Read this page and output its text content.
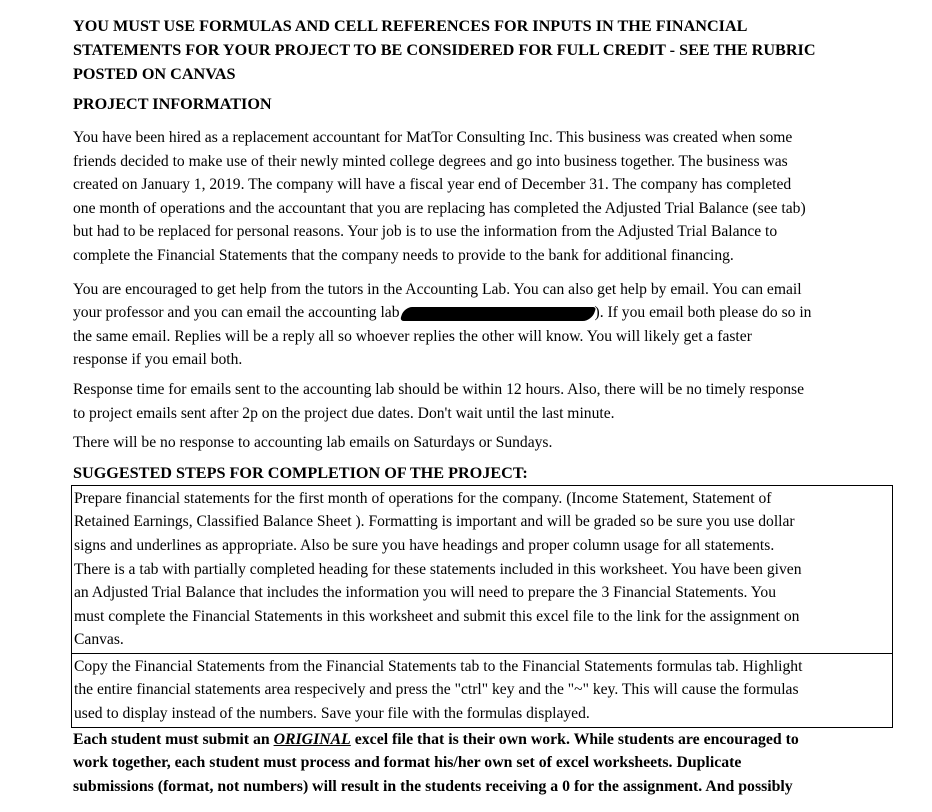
YOU MUST USE FORMULAS AND CELL REFERENCES FOR INPUTS IN THE FINANCIAL
STATEMENTS FOR YOUR PROJECT TO BE CONSIDERED FOR FULL CREDIT - SEE THE RUBRIC
POSTED ON CANVAS
PROJECT INFORMATION
You have been hired as a replacement accountant for MatTor Consulting Inc. This business was created when some
friends decided to make use of their newly minted college degrees and go into business together. The business was
created on January 1, 2019. The company will have a fiscal year end of December 31. The company has completed
one month of operations and the accountant that you are replacing has completed the Adjusted Trial Balance (see tab)
but had to be replaced for personal reasons. Your job is to use the information from the Adjusted Trial Balance to
complete the Financial Statements that the company needs to provide to the bank for additional financing.
You are encouraged to get help from the tutors in the Accounting Lab. You can also get help by email. You can email
your professor and you can email the accounting lab	). If you email both please do so in
the same email. Replies will be a reply all so whoever replies the other will know. You will likely get a faster
response if you email both.
Response time for emails sent to the accounting lab should be within 12 hours. Also, there will be no timely response
to project emails sent after 2p on the project due dates. Don't wait until the last minute.
There will be no response to accounting lab emails on Saturdays or Sundays.
SUGGESTED STEPS FOR COMPLETION OF THE PROJECT:
Prepare financial statements for the first month of operations for the company. (Income Statement, Statement of
Retained Earnings, Classified Balance Sheet ). Formatting is important and will be graded so be sure you use dollar
signs and underlines as appropriate. Also be sure you have headings and proper column usage for all statements.
There is a tab with partially completed heading for these statements included in this worksheet. You have been given
an Adjusted Trial Balance that includes the information you will need to prepare the 3 Financial Statements. You
must complete the Financial Statements in this worksheet and submit this excel file to the link for the assignment on
Canvas.
Copy the Financial Statements from the Financial Statements tab to the Financial Statements formulas tab. Highlight
the entire financial statements area respecively and press the "ctrl" key and the "~" key. This will cause the formulas
used to display instead of the numbers. Save your file with the formulas displayed.
Each student must submit an ORIGINAL excel file that is their own work. While students are encouraged to
work together, each student must process and format his/her own set of excel worksheets. Duplicate
submissions (format, not numbers) will result in the students receiving a 0 for the assignment. And possibly
